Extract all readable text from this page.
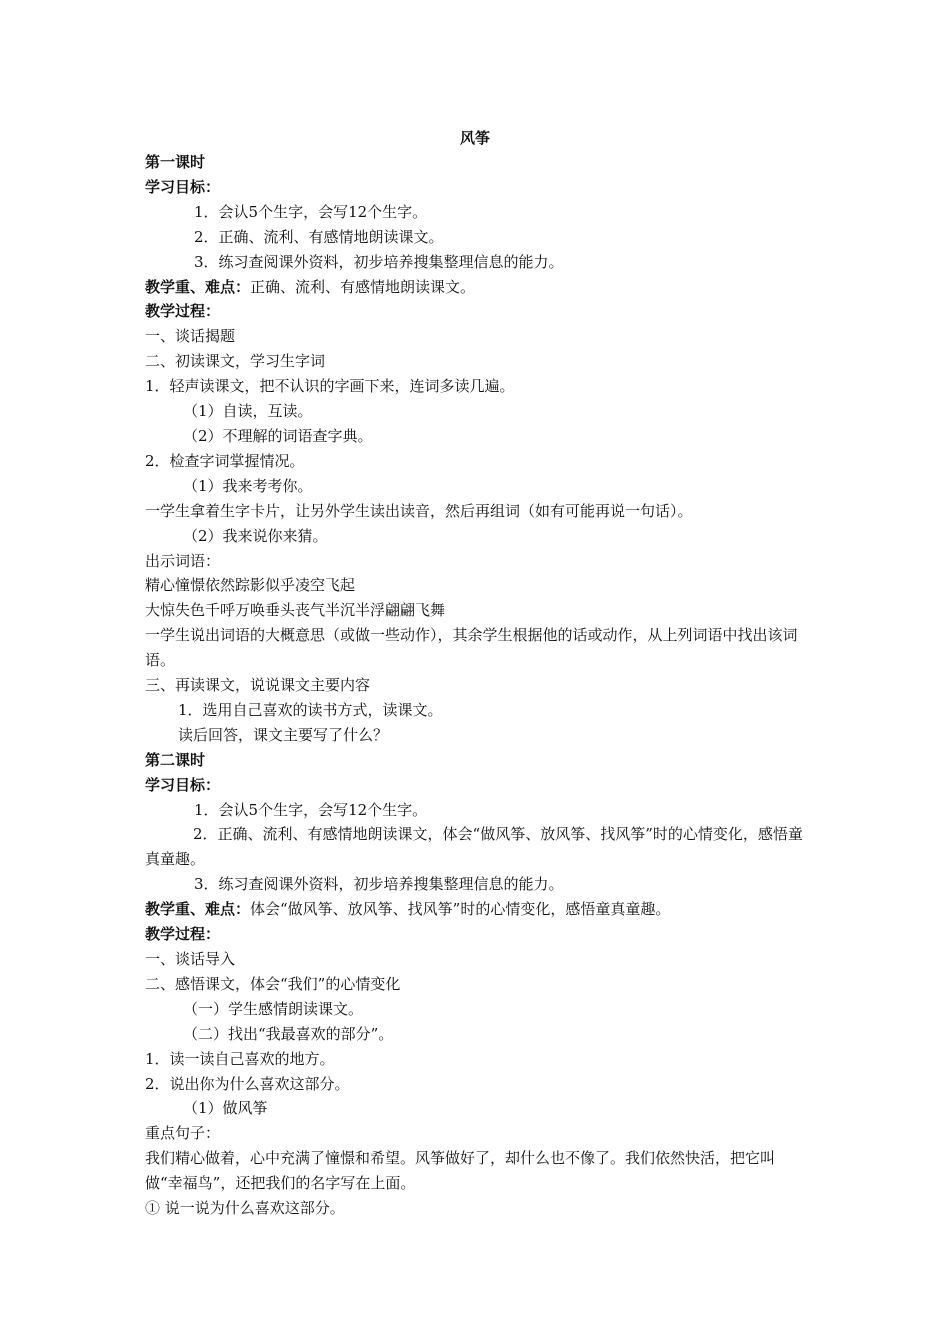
风筝
第一课时
学习目标：
1．会认5个生字，会写12个生字。
2．正确、流利、有感情地朗读课文。
3．练习查阅课外资料，初步培养搜集整理信息的能力。
教学重、难点：正确、流利、有感情地朗读课文。
教学过程：
一、谈话揭题
二、初读课文，学习生字词
1．轻声读课文，把不认识的字画下来，连词多读几遍。
（1）自读，互读。
（2）不理解的词语查字典。
2．检查字词掌握情况。
（1）我来考考你。
一学生拿着生字卡片，让另外学生读出读音，然后再组词（如有可能再说一句话）。
（2）我来说你来猜。
出示词语：
精心憧憬依然踪影似乎凌空飞起
大惊失色千呼万唤垂头丧气半沉半浮翩翩飞舞
一学生说出词语的大概意思（或做一些动作），其余学生根据他的话或动作，从上列词语中找出该词语。
三、再读课文，说说课文主要内容
1．选用自己喜欢的读书方式，读课文。
读后回答，课文主要写了什么？
第二课时
学习目标：
1．会认5个生字，会写12个生字。
2．正确、流利、有感情地朗读课文，体会“做风筝、放风筝、找风筝”时的心情变化，感悟童真童趣。
3．练习查阅课外资料，初步培养搜集整理信息的能力。
教学重、难点：体会“做风筝、放风筝、找风筝”时的心情变化，感悟童真童趣。
教学过程：
一、谈话导入
二、感悟课文，体会“我们”的心情变化
（一）学生感情朗读课文。
（二）找出“我最喜欢的部分”。
1．读一读自己喜欢的地方。
2．说出你为什么喜欢这部分。
（1）做风筝
重点句子：
我们精心做着，心中充满了憧憬和希望。风筝做好了，却什么也不像了。我们依然快活，把它叫做“幸福鸟”，还把我们的名字写在上面。
① 说一说为什么喜欢这部分。
